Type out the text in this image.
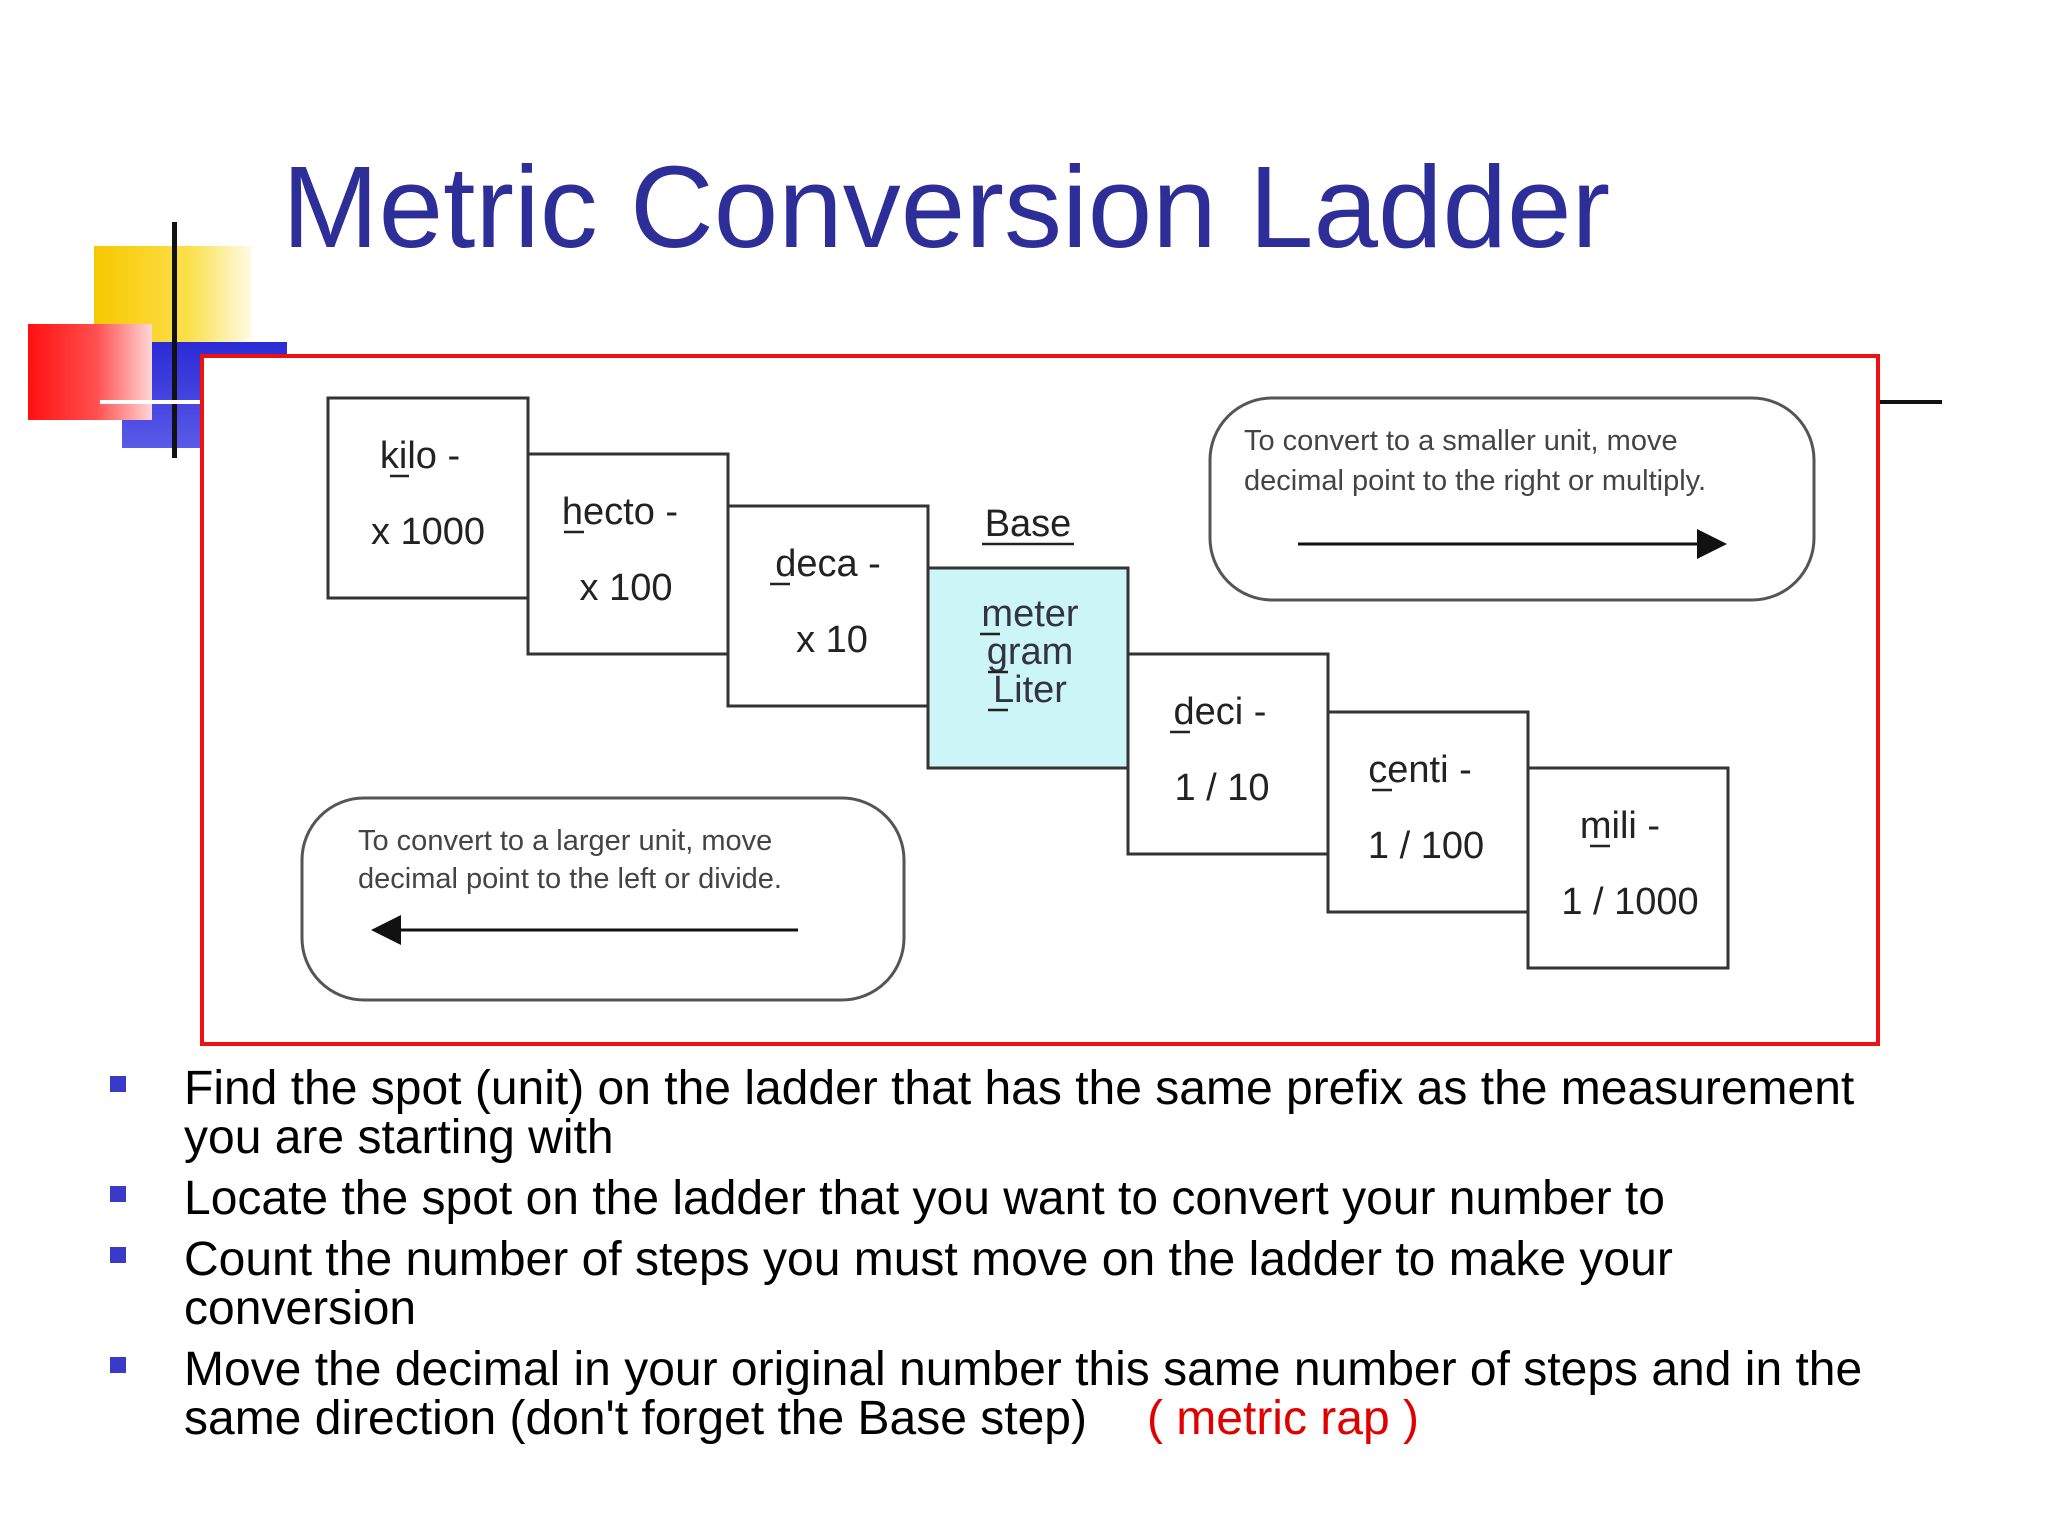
Metric Conversion Ladder
kilo -
x 1000 hecto -
x 100
deca -
x 10
Base
meter
gram
Liter
deci -
1 / 10	centi -
1 / 100	mili -
1 / 1000
To convert to a smaller unit, move
decimal point to the right or multiply.
To convert to a larger unit, move
decimal point to the left or divide.
Find the spot (unit) on the ladder that has the same prefix as the measurement
you are starting with
Locate the spot on the ladder that you want to convert your number to
Count the number of steps you must move on the ladder to make your
conversion
Move the decimal in your original number this same number of steps and in the
same direction (don't forget the Base step) ( metric rap )
